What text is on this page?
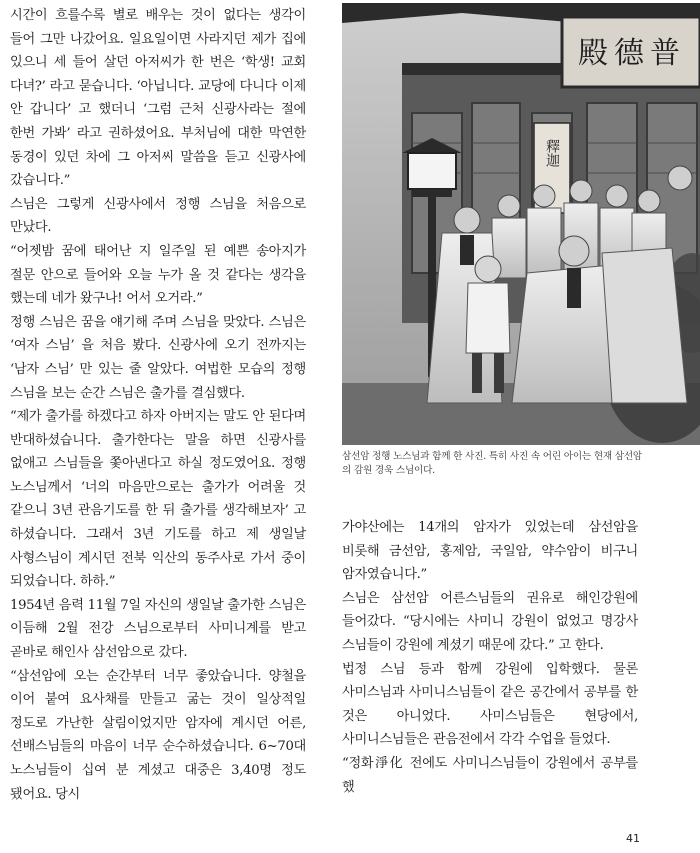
시간이 흐를수록 별로 배우는 것이 없다는 생각이 들어 그만 나갔어요. 일요일이면 사라지던 제가 집에 있으니 세 들어 살던 아저씨가 한 번은 ‘학생! 교회 다녀?’ 라고 묻습니다. ‘아닙니다. 교당에 다니다 이제 안 갑니다’ 고 했더니 ‘그럼 근처 신광사라는 절에 한번 가봐’ 라고 권하셨어요. 부처님에 대한 막연한 동경이 있던 차에 그 아저씨 말씀을 듣고 신광사에 갔습니다.”

스님은 그렇게 신광사에서 정행 스님을 처음으로 만났다.

“어젯밤 꿈에 태어난 지 일주일 된 예쁜 송아지가 절문 안으로 들어와 오늘 누가 올 것 같다는 생각을 했는데 네가 왔구나! 어서 오거라.”

정행 스님은 꿈을 얘기해 주며 스님을 맞았다. 스님은 ‘여자 스님’ 을 처음 봤다. 신광사에 오기 전까지는 ‘남자 스님’ 만 있는 줄 알았다. 여법한 모습의 정행 스님을 보는 순간 스님은 출가를 결심했다.

“제가 출가를 하겠다고 하자 아버지는 말도 안 된다며 반대하셨습니다. 출가한다는 말을 하면 신광사를 없애고 스님들을 쫓아낸다고 하실 정도였어요. 정행 노스님께서 ‘너의 마음만으로는 출가가 어려울 것 같으니 3년 관음기도를 한 뒤 출가를 생각해보자’ 고 하셨습니다. 그래서 3년 기도를 하고 제 생일날 사형스님이 계시던 전북 익산의 동주사로 가서 중이 되었습니다. 하하.”

1954년 음력 11월 7일 자신의 생일날 출가한 스님은 이듬해 2월 전강 스님으로부터 사미니계를 받고 곧바로 해인사 삼선암으로 갔다.

“삼선암에 오는 순간부터 너무 좋았습니다. 양철을 이어 붙여 요사채를 만들고 굶는 것이 일상적일 정도로 가난한 살림이었지만 암자에 계시던 어른, 선배스님들의 마음이 너무 순수하셨습니다. 6~70대 노스님들이 십여 분 계셨고 대중은 3,40명 정도 됐어요. 당시

殿德普
釋迦
삼선암 정행 노스님과 함께 한 사진. 특히 사진 속 어린 아이는 현재 삼선암의 감원 경욱 스님이다.

가야산에는 14개의 암자가 있었는데 삼선암을 비롯해 금선암, 홍제암, 국일암, 약수암이 비구니 암자였습니다.”

스님은 삼선암 어른스님들의 권유로 해인강원에 들어갔다. “당시에는 사미니 강원이 없었고 명강사 스님들이 강원에 계셨기 때문에 갔다.” 고 한다.

법정 스님 등과 함께 강원에 입학했다. 물론 사미스님과 사미니스님들이 같은 공간에서 공부를 한 것은 아니었다. 사미스님들은 현당에서, 사미니스님들은 관음전에서 각각 수업을 들었다.

“정화淨化 전에도 사미니스님들이 강원에서 공부를 했

41
